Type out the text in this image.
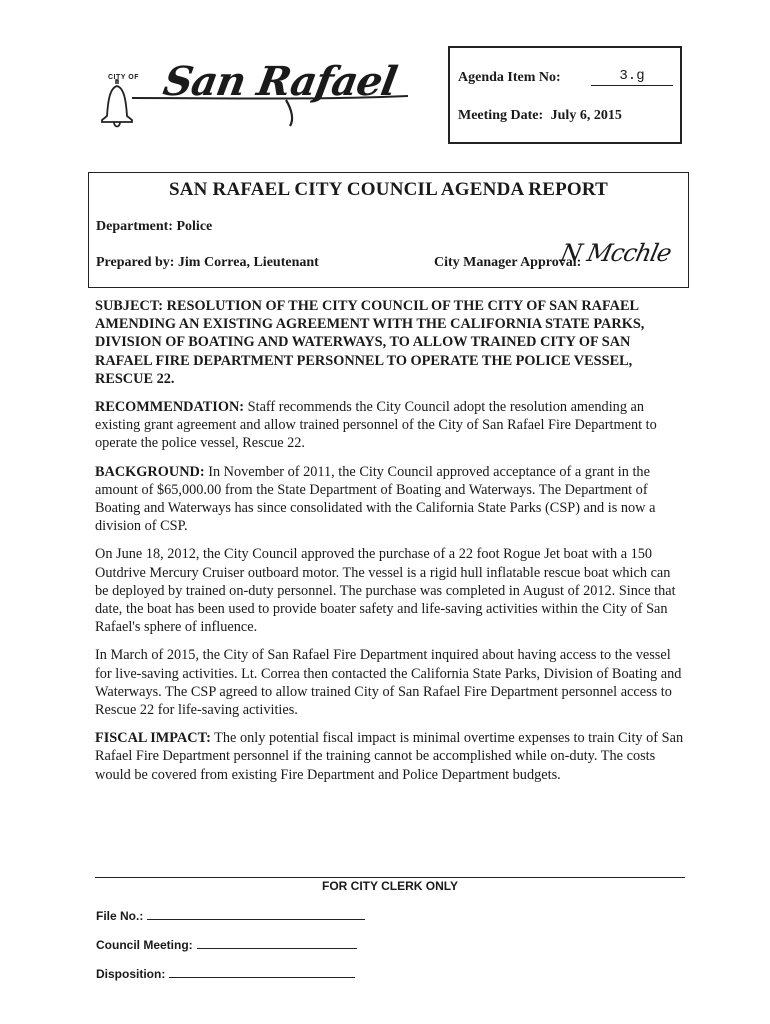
CITY OF San Rafael	Agenda Item No:	3.g
Meeting Date: July 6, 2015
SAN RAFAEL CITY COUNCIL AGENDA REPORT
Department: Police
Prepared by: Jim Correa, Lieutenant	City Manager Approval:
N Mcchle

SUBJECT: RESOLUTION OF THE CITY COUNCIL OF THE CITY OF SAN RAFAEL AMENDING AN EXISTING AGREEMENT WITH THE CALIFORNIA STATE PARKS, DIVISION OF BOATING AND WATERWAYS, TO ALLOW TRAINED CITY OF SAN RAFAEL FIRE DEPARTMENT PERSONNEL TO OPERATE THE POLICE VESSEL, RESCUE 22.

RECOMMENDATION: Staff recommends the City Council adopt the resolution amending an existing grant agreement and allow trained personnel of the City of San Rafael Fire Department to operate the police vessel, Rescue 22.

BACKGROUND: In November of 2011, the City Council approved acceptance of a grant in the amount of $65,000.00 from the State Department of Boating and Waterways. The Department of Boating and Waterways has since consolidated with the California State Parks (CSP) and is now a division of CSP.

On June 18, 2012, the City Council approved the purchase of a 22 foot Rogue Jet boat with a 150 Outdrive Mercury Cruiser outboard motor. The vessel is a rigid hull inflatable rescue boat which can be deployed by trained on-duty personnel. The purchase was completed in August of 2012. Since that date, the boat has been used to provide boater safety and life-saving activities within the City of San Rafael's sphere of influence.

In March of 2015, the City of San Rafael Fire Department inquired about having access to the vessel for live-saving activities. Lt. Correa then contacted the California State Parks, Division of Boating and Waterways. The CSP agreed to allow trained City of San Rafael Fire Department personnel access to Rescue 22 for life-saving activities.

FISCAL IMPACT: The only potential fiscal impact is minimal overtime expenses to train City of San Rafael Fire Department personnel if the training cannot be accomplished while on-duty. The costs would be covered from existing Fire Department and Police Department budgets.

FOR CITY CLERK ONLY
File No.:
Council Meeting:
Disposition:
